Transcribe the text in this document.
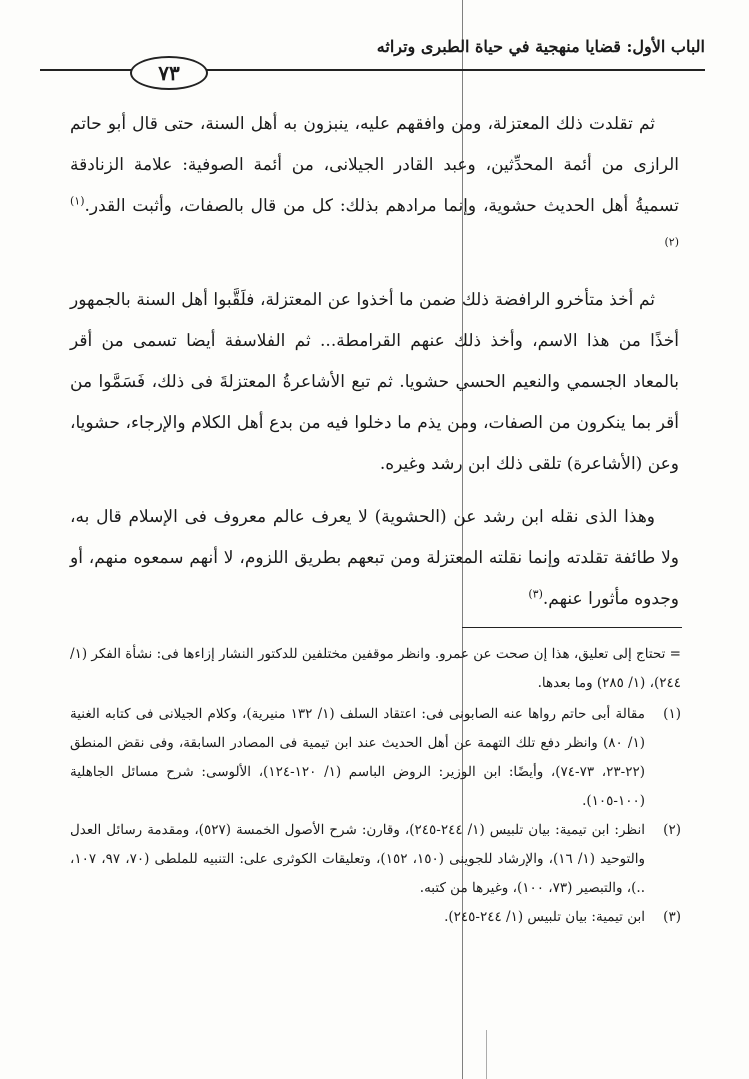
الباب الأول: قضايا منهجية في حياة الطبرى وتراثه
٧٣

ثم تقلدت ذلك المعتزلة، ومن وافقهم عليه، ينبزون به أهل السنة، حتى قال أبو حاتم الرازى من أئمة المحدِّثين، وعبد القادر الجيلانى، من أئمة الصوفية: علامة الزنادقة تسميةُ أهل الحديث حشوية، وإنما مرادهم بذلك: كل من قال بالصفات، وأثبت القدر.$^{(١)}$ $^{(٢)}$

ثم أخذ متأخرو الرافضة ذلك ضمن ما أخذوا عن المعتزلة، فلَقَّبوا أهل السنة بالجمهور أخذًا من هذا الاسم، وأخذ ذلك عنهم القرامطة... ثم الفلاسفة أيضا تسمى من أقر بالمعاد الجسمي والنعيم الحسي حشويا. ثم تبع الأشاعرةُ المعتزلةَ فى ذلك، فَسَمَّوا من أقر بما ينكرون من الصفات، ومن يذم ما دخلوا فيه من بدع أهل الكلام والإرجاء، حشويا، وعن (الأشاعرة) تلقى ذلك ابن رشد وغيره.

وهذا الذى نقله ابن رشد عن (الحشوية) لا يعرف عالم معروف فى الإسلام قال به، ولا طائفة تقلدته وإنما نقلته المعتزلة ومن تبعهم بطريق اللزوم، لا أنهم سمعوه منهم، أو وجدوه مأثورا عنهم.$^{(٣)}$

= تحتاج إلى تعليق، هذا إن صحت عن عمرو. وانظر موقفين مختلفين للدكتور النشار إزاءها فى: نشأة الفكر (١/ ٢٤٤)، (١/ ٢٨٥) وما بعدها.

(١)
مقالة أبى حاتم رواها عنه الصابونى فى: اعتقاد السلف (١/ ١٣٢ منيرية)، وكلام الجيلانى فى كتابه الغنية (١/ ٨٠) وانظر دفع تلك التهمة عن أهل الحديث عند ابن تيمية فى المصادر السابقة، وفى نقض المنطق (٢٢-٢٣، ٧٣-٧٤)، وأيضًا: ابن الوزير: الروض الباسم (١/ ١٢٠-١٢٤)، الألوسى: شرح مسائل الجاهلية (١٠٠-١٠٥).
(٢)
انظر: ابن تيمية: بيان تلبيس (١/ ٢٤٤-٢٤٥)، وقارن: شرح الأصول الخمسة (٥٢٧)، ومقدمة رسائل العدل والتوحيد (١/ ١٦)، والإرشاد للجوينى (١٥٠، ١٥٢)، وتعليقات الكوثرى على: التنبيه للملطى (٧٠، ٩٧، ١٠٧، ..)، والتبصير (٧٣، ١٠٠)، وغيرها من كتبه.
(٣)
ابن تيمية: بيان تلبيس (١/ ٢٤٤-٢٤٥).
